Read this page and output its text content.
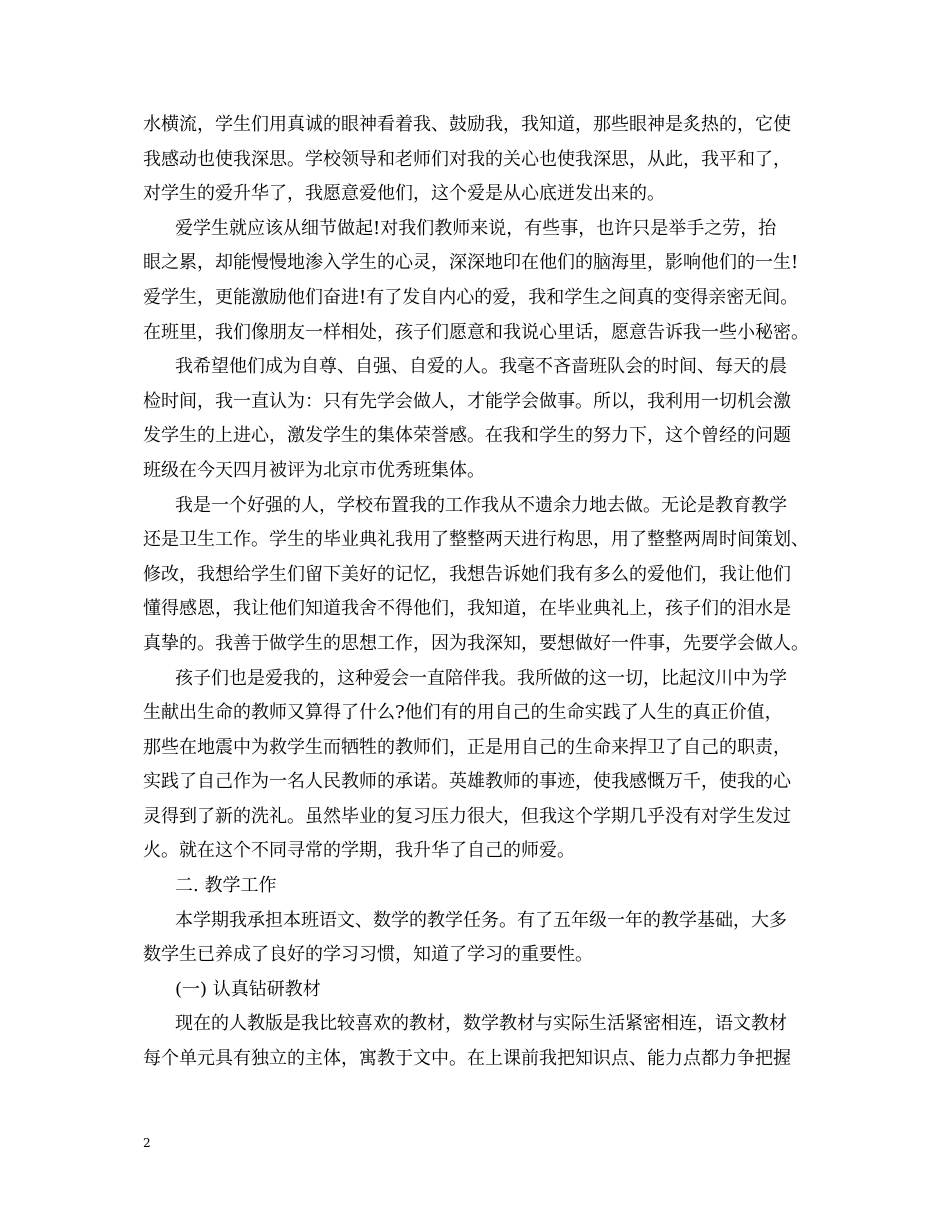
水横流，学生们用真诚的眼神看着我、鼓励我，我知道，那些眼神是炙热的，它使
我感动也使我深思。学校领导和老师们对我的关心也使我深思，从此，我平和了，
对学生的爱升华了，我愿意爱他们，这个爱是从心底迸发出来的。
爱学生就应该从细节做起!对我们教师来说，有些事，也许只是举手之劳，抬
眼之累，却能慢慢地渗入学生的心灵，深深地印在他们的脑海里，影响他们的一生!
爱学生，更能激励他们奋进!有了发自内心的爱，我和学生之间真的变得亲密无间。
在班里，我们像朋友一样相处，孩子们愿意和我说心里话，愿意告诉我一些小秘密。
我希望他们成为自尊、自强、自爱的人。我毫不吝啬班队会的时间、每天的晨
检时间，我一直认为：只有先学会做人，才能学会做事。所以，我利用一切机会激
发学生的上进心，激发学生的集体荣誉感。在我和学生的努力下，这个曾经的问题
班级在今天四月被评为北京市优秀班集体。
我是一个好强的人，学校布置我的工作我从不遗余力地去做。无论是教育教学
还是卫生工作。学生的毕业典礼我用了整整两天进行构思，用了整整两周时间策划、
修改，我想给学生们留下美好的记忆，我想告诉她们我有多么的爱他们，我让他们
懂得感恩，我让他们知道我舍不得他们，我知道，在毕业典礼上，孩子们的泪水是
真挚的。我善于做学生的思想工作，因为我深知，要想做好一件事，先要学会做人。
孩子们也是爱我的，这种爱会一直陪伴我。我所做的这一切，比起汶川中为学
生献出生命的教师又算得了什么?他们有的用自己的生命实践了人生的真正价值，
那些在地震中为救学生而牺牲的教师们，正是用自己的生命来捍卫了自己的职责，
实践了自己作为一名人民教师的承诺。英雄教师的事迹，使我感慨万千，使我的心
灵得到了新的洗礼。虽然毕业的复习压力很大，但我这个学期几乎没有对学生发过
火。就在这个不同寻常的学期，我升华了自己的师爱。
二. 教学工作
本学期我承担本班语文、数学的教学任务。有了五年级一年的教学基础，大多
数学生已养成了良好的学习习惯，知道了学习的重要性。
(一) 认真钻研教材
现在的人教版是我比较喜欢的教材，数学教材与实际生活紧密相连，语文教材
每个单元具有独立的主体，寓教于文中。在上课前我把知识点、能力点都力争把握
2
